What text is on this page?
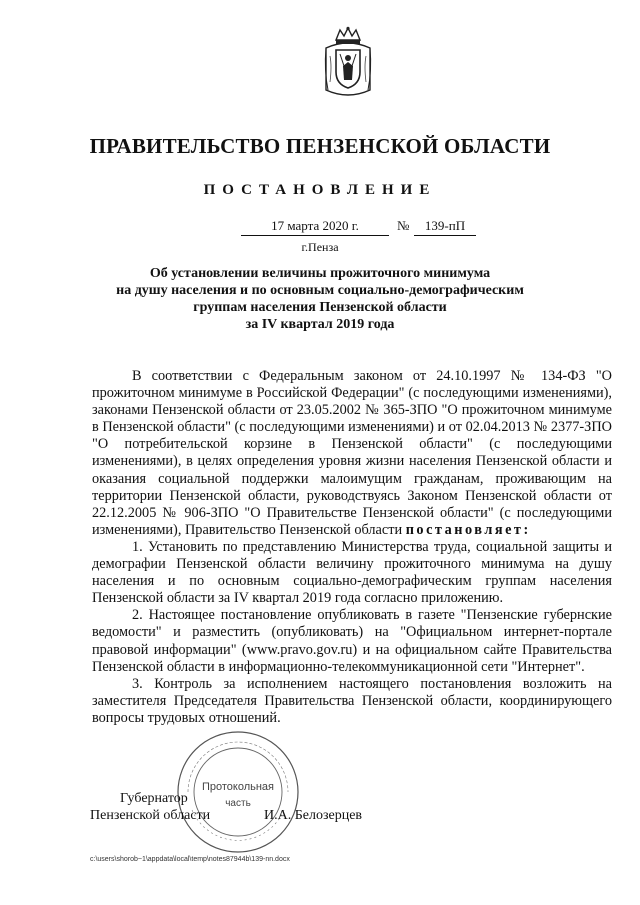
ПРАВИТЕЛЬСТВО ПЕНЗЕНСКОЙ ОБЛАСТИ
ПОСТАНОВЛЕНИЕ
17 марта 2020 г.	№	139-пП
г.Пенза
Об установлении величины прожиточного минимума
на душу населения и по основным социально-демографическим
группам населения Пензенской области
за IV квартал 2019 года

В соответствии с Федеральным законом от 24.10.1997 № 134-ФЗ "О прожиточном минимуме в Российской Федерации" (с последующими изменениями), законами Пензенской области от 23.05.2002 № 365-ЗПО "О прожиточном минимуме в Пензенской области" (с последующими изменениями) и от 02.04.2013 № 2377-ЗПО "О потребительской корзине в Пензенской области" (с последующими изменениями), в целях определения уровня жизни населения Пензенской области и оказания социальной поддержки малоимущим гражданам, проживающим на территории Пензенской области, руководствуясь Законом Пензенской области от 22.12.2005 № 906-ЗПО "О Правительстве Пензенской области" (с последующими изменениями), Правительство Пензенской области постановляет:

1. Установить по представлению Министерства труда, социальной защиты и демографии Пензенской области величину прожиточного минимума на душу населения и по основным социально-демографическим группам населения Пензенской области за IV квартал 2019 года согласно приложению.

2. Настоящее постановление опубликовать в газете "Пензенские губернские ведомости" и разместить (опубликовать) на "Официальном интернет-портале правовой информации" (www.pravo.gov.ru) и на официальном сайте Правительства Пензенской области в информационно-телекоммуникационной сети "Интернет".

3. Контроль за исполнением настоящего постановления возложить на заместителя Председателя Правительства Пензенской области, координирующего вопросы трудовых отношений.

Протокольная
часть
Губернатор
Пензенской области	И.А. Белозерцев
c:\users\shorob~1\appdata\local\temp\notes87944b\139-nn.docx
